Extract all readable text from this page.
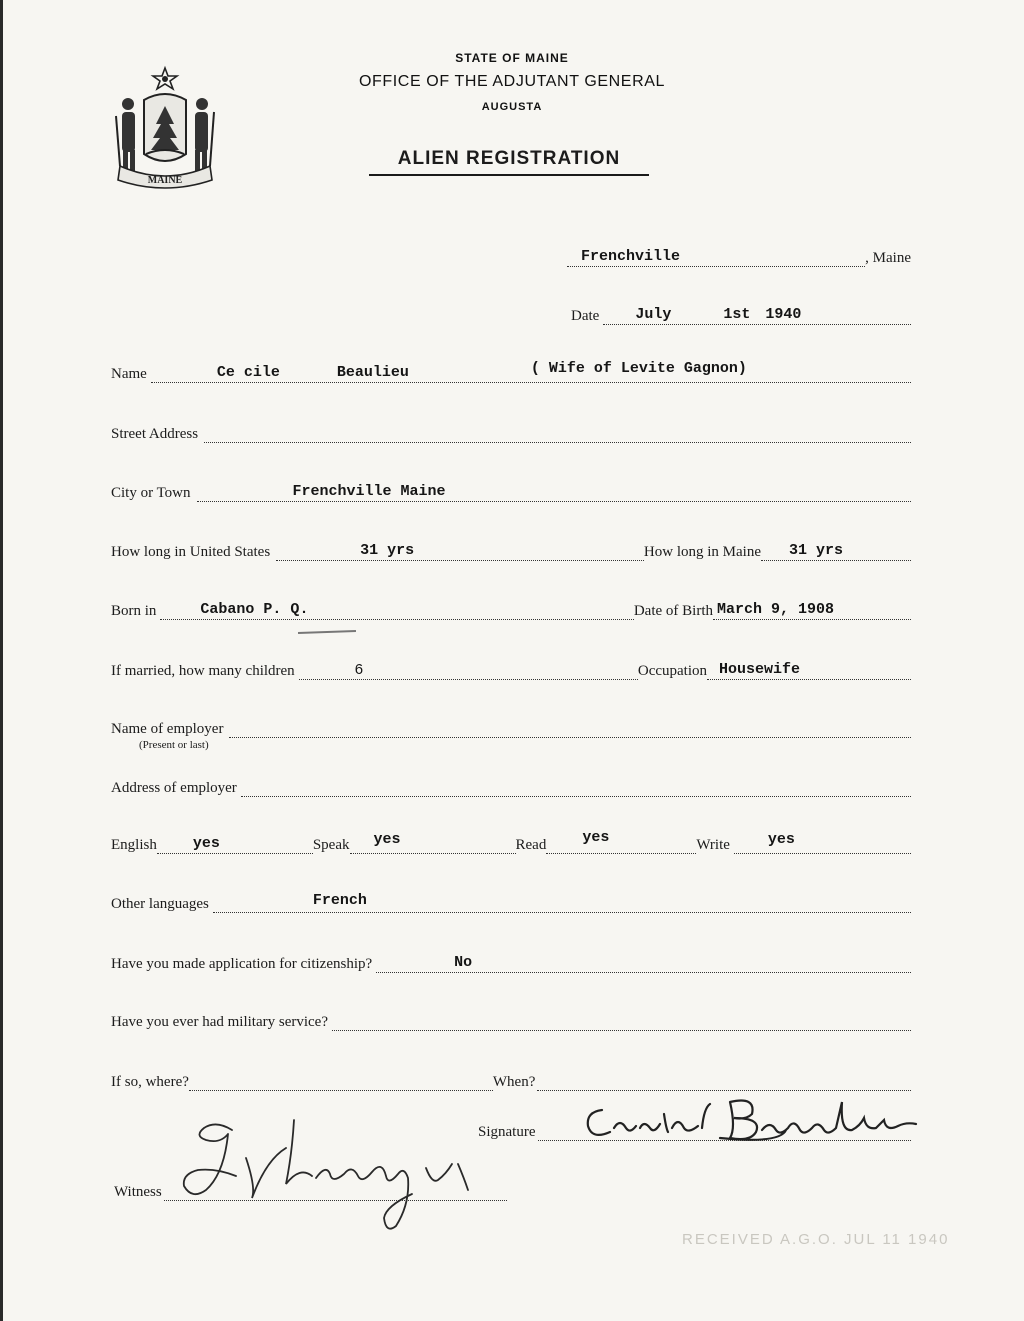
MAINE
STATE OF MAINE
OFFICE OF THE ADJUTANT GENERAL
AUGUSTA
ALIEN REGISTRATION
Frenchville	, Maine
Date July	1st 1940
Name	Ce cile	Beaulieu	( Wife of Levite Gagnon)
Street Address
City or Town	Frenchville Maine
How long in United States	31 yrs	How long in Maine 31 yrs
Born in	Cabano P. Q.	Date of Birth March 9, 1908
If married, how many children	6	Occupation Housewife
Name of employer
(Present or last)
Address of employer
English yes	Speak yes	Read yes	Write	yes
Other languages	French
Have you made application for citizenship?	No
Have you ever had military service?
If so, where?	When?
Signature
Witness
RECEIVED A.G.O. JUL 11 1940
